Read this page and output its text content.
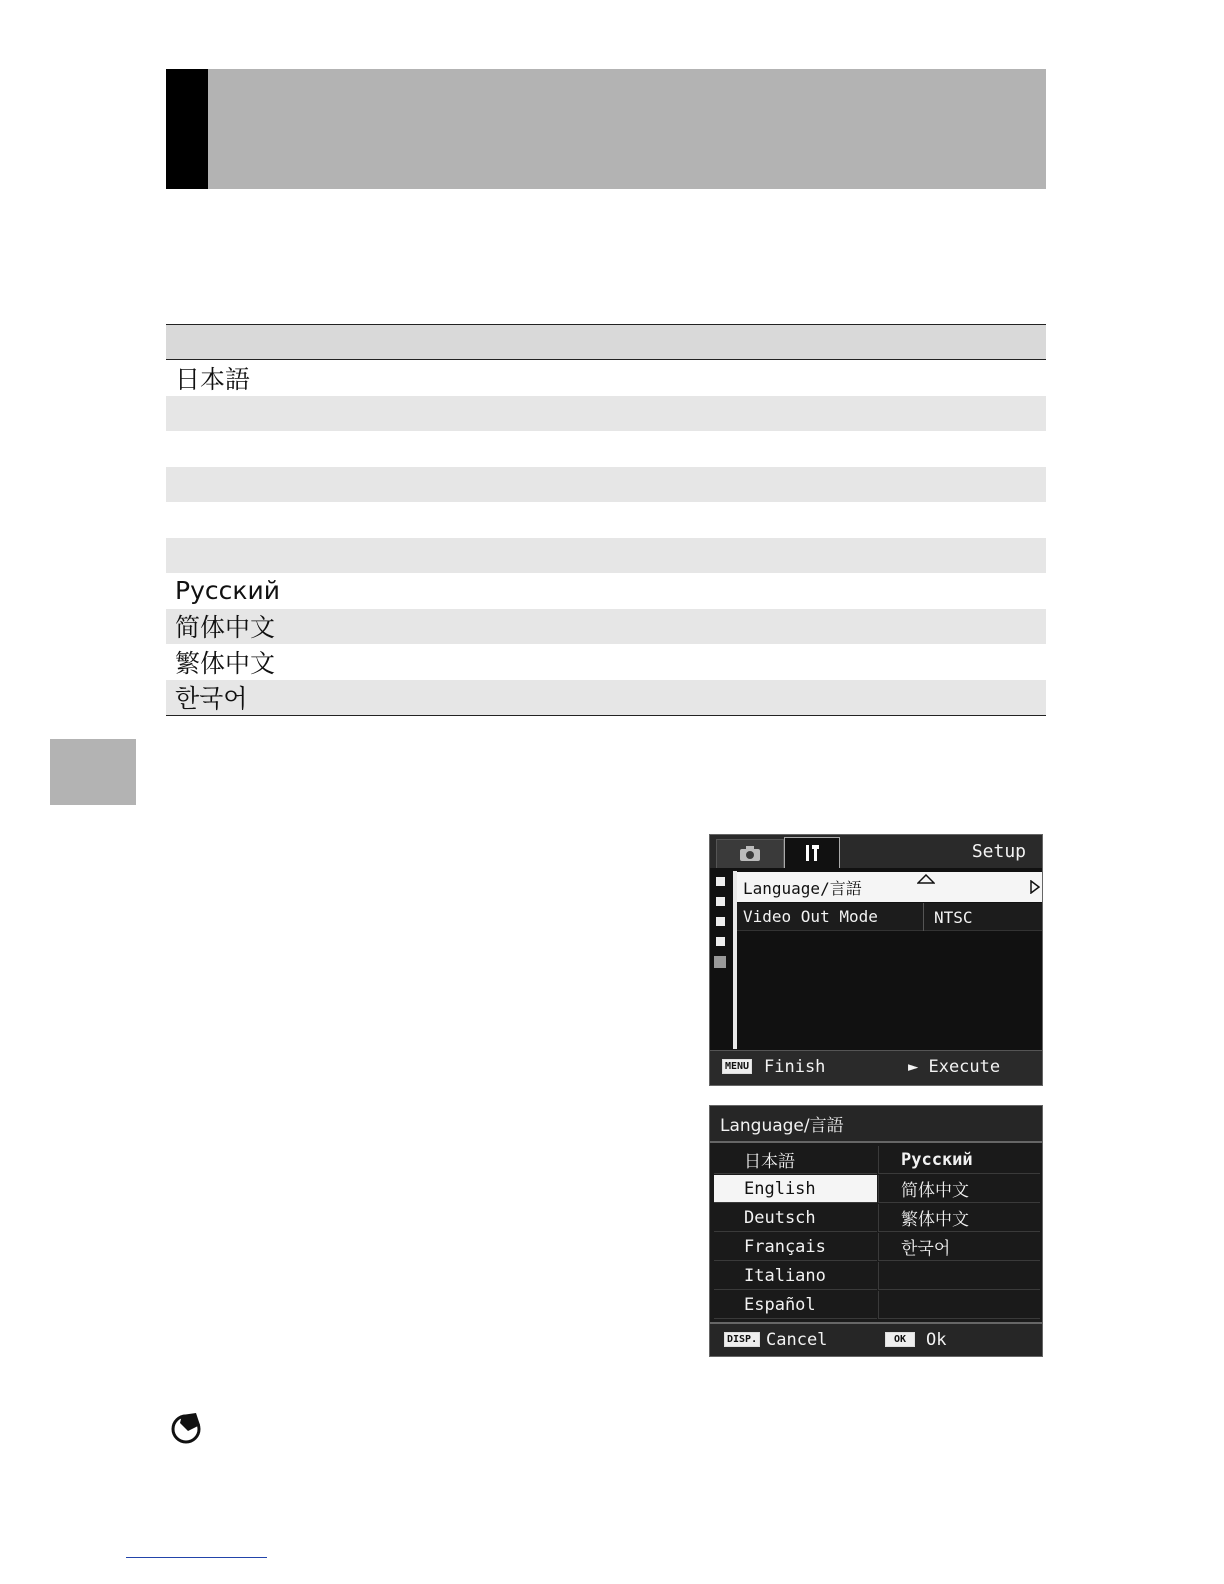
日本語
Русский
简体中文
繁体中文
한국어
Setup
Language/言語
Video Out Mode	NTSC
MENU Finish	► Execute
Language/言語
日本語
English
Deutsch
Français
Italiano
Español
Русский
简体中文
繁体中文
한국어
DISP. Cancel	OK	Ok
